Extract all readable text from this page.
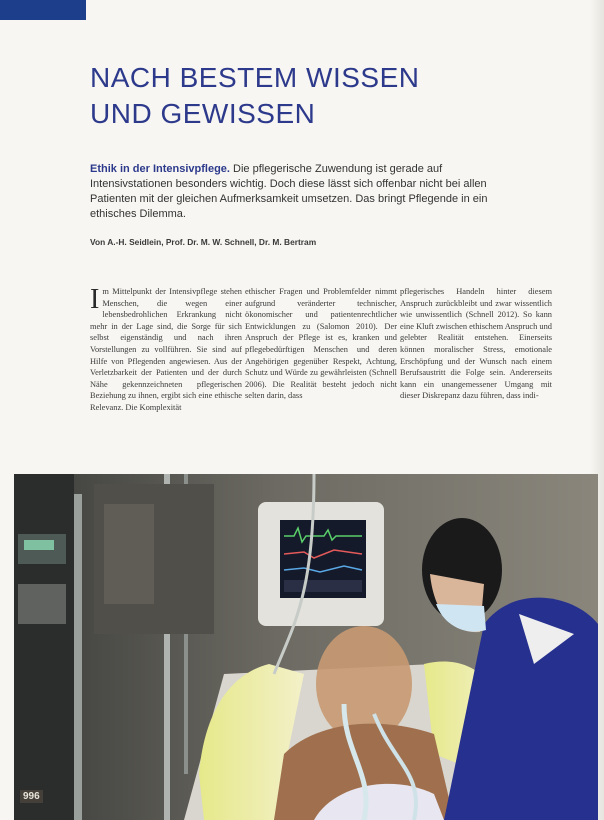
NACH BESTEM WISSEN
UND GEWISSEN

Ethik in der Intensivpflege. Die pflegerische Zuwendung ist gerade auf Intensivstationen besonders wichtig. Doch diese lässt sich offenbar nicht bei allen Patienten mit der gleichen Aufmerksamkeit umsetzen. Das bringt Pflegende in ein ethisches Dilemma.

Von A.-H. Seidlein, Prof. Dr. M. W. Schnell, Dr. M. Bertram

Im Mittelpunkt der Intensivpflege stehen Menschen, die wegen einer lebensbedrohlichen Erkrankung nicht mehr in der Lage sind, die Sorge für sich selbst eigenständig und nach ihren Vorstellungen zu vollführen. Sie sind auf Hilfe von Pflegenden angewiesen. Aus der Verletzbarkeit der Patienten und der durch Nähe gekennzeichneten pflegerischen Beziehung zu ihnen, ergibt sich eine ethische Relevanz. Die Komplexität

ethischer Fragen und Problemfelder nimmt aufgrund veränderter technischer, ökonomischer und patientenrechtlicher Entwicklungen zu (Salomon 2010). Der Anspruch der Pflege ist es, kranken und pflegebedürftigen Menschen und deren Angehörigen gegenüber Respekt, Achtung, Schutz und Würde zu gewährleisten (Schnell 2006). Die Realität besteht jedoch nicht selten darin, dass

pflegerisches Handeln hinter diesem Anspruch zurückbleibt und zwar wissentlich wie unwissentlich (Schnell 2012). So kann eine Kluft zwischen ethischem Anspruch und gelebter Realität entstehen. Einerseits können moralischer Stress, emotionale Erschöpfung und der Wunsch nach einem Berufsaustritt die Folge sein. Andererseits kann ein unangemessener Umgang mit dieser Diskrepanz dazu führen, dass indi-

996
